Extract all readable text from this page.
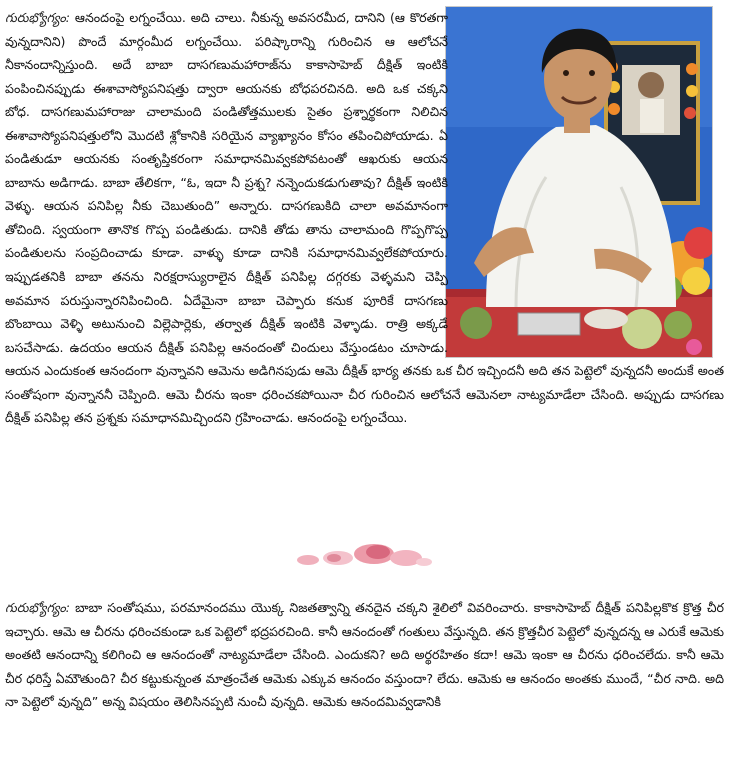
గురుభ్యోగ్యం: ఆనందంపై లగ్నంచేయి. అది చాలు. నీకున్న అవసరమీద, దానిని (ఆ కొరతగా వున్నదానిని) పొందే మార్గంమీద లగ్నంచేయి. పరిష్కారాన్ని గురించిన ఆ ఆలోచనే నీకానందాన్నిస్తుంది. అదే బాబా దాసగణుమహారాజ్‌ను కాకాసాహెబ్ దీక్షిత్ ఇంటికి పంపించినప్పుడు ఈశావాస్యోపనిషత్తు ద్వారా ఆయనకు బోధపరచినది. అది ఒక చక్కని బోధ. దాసగణుమహారాజు చాలామంది పండితోత్తములకు సైతం ప్రశ్నార్థకంగా నిలిచిన ఈశావాస్యోపనిషత్తులోని మొదటి శ్లోకానికి సరియైన వ్యాఖ్యానం కోసం తపించిపోయాడు. ఏ పండితుడూ ఆయనకు సంతృప్తికరంగా సమాధానమివ్వకపోవటంతో ఆఖరుకు ఆయన బాబాను అడిగాడు. బాబా తేలికగా, “ఓ, ఇదా నీ ప్రశ్న? నన్నెందుకడుగుతావు? దీక్షిత్ ఇంటికి వెళ్ళు. ఆయన పనిపిల్ల నీకు చెబుతుంది” అన్నారు. దాసగణుకిది చాలా అవమానంగా తోచింది. స్వయంగా తానొక గొప్ప పండితుడు. దానికి తోడు తాను చాలామంది గొప్పగొప్ప పండితులను సంప్రదించాడు కూడా. వాళ్ళు కూడా దానికి సమాధానమివ్వలేకపోయారు. ఇప్పుడతనికి బాబా తనను నిరక్షరాస్యురాలైన దీక్షిత్ పనిపిల్ల దగ్గరకు వెళ్ళమని చెప్పి అవమాన పరుస్తున్నారనిపించింది. ఏదేమైనా బాబా చెప్పారు కనుక పూరికే దాసగణు బొంబాయి వెళ్ళి అటునుంచి విల్లెపార్లెకు, తర్వాత దీక్షిత్ ఇంటికి వెళ్ళాడు. రాత్రి అక్కడే బసచేసాడు. ఉదయం ఆయన దీక్షిత్ పనిపిల్ల ఆనందంతో చిందులు వేస్తుండటం చూసాడు. ఆయన ఎందుకంత ఆనందంగా వున్నావని ఆమెను అడిగినపుడు ఆమె దీక్షిత్ భార్య తనకు ఒక చీర ఇచ్చిందనీ అది తన పెట్టెలో వున్నదనీ అందుకే అంత సంతోషంగా వున్నాననీ చెప్పింది. ఆమె చీరను ఇంకా ధరించకపోయినా చీర గురించిన ఆలోచనే ఆమెనలా నాట్యమాడేలా చేసింది. అప్పుడు దాసగణు దీక్షిత్ పనిపిల్ల తన ప్రశ్నకు సమాధానమిచ్చిందని గ్రహించాడు. ఆనందంపై లగ్నంచేయి.

గురుభ్యోగ్యం: బాబా సంతోషము, పరమానందము యొక్క నిజతత్వాన్ని తనదైన చక్కని శైలిలో వివరించారు. కాకాసాహెబ్ దీక్షిత్ పనిపిల్లకొక క్రొత్త చీర ఇచ్చారు. ఆమె ఆ చీరను ధరించకుండా ఒక పెట్టెలో భద్రపరచింది. కానీ ఆనందంతో గంతులు వేస్తున్నది. తన క్రొత్తచీర పెట్టెలో వున్నదన్న ఆ ఎరుకే ఆమెకు అంతటి ఆనందాన్ని కలిగించి ఆ ఆనందంతో నాట్యమాడేలా చేసింది. ఎందుకని? అది అర్థరహితం కదా! ఆమె ఇంకా ఆ చీరను ధరించలేదు. కానీ ఆమె చీర ధరిస్తే ఏమౌతుంది? చీర కట్టుకున్నంత మాత్రంచేత ఆమెకు ఎక్కువ ఆనందం వస్తుందా? లేదు. ఆమెకు ఆ ఆనందం అంతకు ముందే, “చీర నాది. అది నా పెట్టెలో వున్నది” అన్న విషయం తెలిసినప్పటి నుంచీ వున్నది. ఆమెకు ఆనందమివ్వడానికి
